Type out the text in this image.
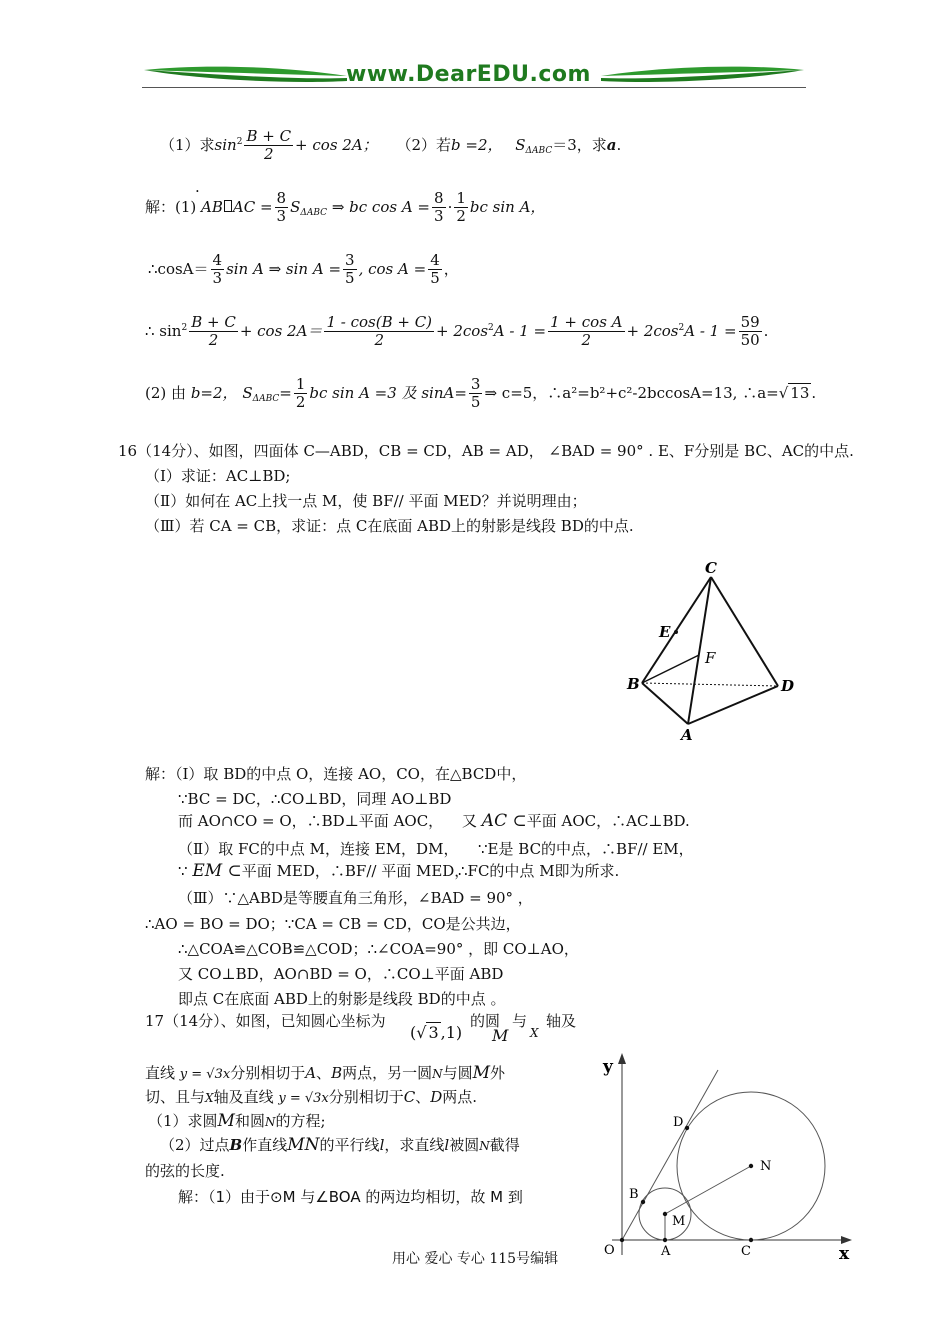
www.DearEDU.com
（1）求$\sin^2 \frac{B + C}{2} + \cos 2A$； （2）若b =2， $S_{\Delta ABC}=3$，求a.
.
解：(1) AB AC = $\frac{8}{3} S_{\Delta ABC}$ ⇒ bc $\cos A = \frac{8}{3} \cdot \frac{1}{2}$ bc sin A，
∴cosA＝ $\frac{4}{3}$ sin A ⇒ $\sin A = \frac{3}{5}$ , $\cos A = \frac{4}{5}$ ，
∴ $\sin^2 \frac{B + C}{2} + \cos 2A= \frac{1 - \cos(B + C)}{2} + 2\cos^2A - 1 = \frac{\text{1 + cos A}}{2} + 2\cos^2A - 1 = \frac{59}{50}$ .
(2) 由 b=2， $S_{\Delta ABC}= \frac{1}{2}$ bc sin A =3 及 $\sin A= \frac{3}{5}$ ⇒ c=5，∴a²=b²+c²-2bccosA=13, ∴a=√ 13 .
16（14分）、如图，四面体 C—ABD，CB = CD，AB = AD， ∠BAD = 90° . E、F分别是 BC、AC的中点.
（Ⅰ）求证：AC⊥BD;
（Ⅱ）如何在 AC上找一点 M，使 BF// 平面 MED？并说明理由；
（Ⅲ）若 CA = CB，求证：点 C在底面 ABD上的射影是线段 BD的中点.
C
E
F
B	D
A
解：（Ⅰ）取 BD的中点 O，连接 AO，CO，在△BCD中，
∵BC = DC，∴CO⊥BD，同理 AO⊥BD
而 AO∩CO = O，∴BD⊥平面 AOC， 又 AC ⊂平面 AOC，∴AC⊥BD.
（Ⅱ）取 FC的中点 M，连接 EM，DM， ∵E是 BC的中点，∴BF// EM，
∵ EM ⊂平面 MED，∴BF// 平面 MED，
∴FC的中点 M即为所求.
（Ⅲ）∵△ABD是等腰直角三角形，∠BAD = 90° ，
∴AO = BO = DO；∵CA = CB = CD，CO是公共边，
∴△COA≌△COB≌△COD；∴∠COA=90° ，即 CO⊥AO，
又 CO⊥BD，AO∩BD = O，∴CO⊥平面 ABD
即点 C在底面 ABD上的射影是线段 BD的中点 。
17（14分）、如图，已知圆心坐标为
(√ 3 ,1)
的圆
M
与
X
轴及
直线 y = √3x分别相切于A、B两点，另一圆N与圆M外
切、且与X轴及直线 y = √3x分别相切于C、D两点.
（1）求圆M和圆N的方程;
（2）过点B作直线MN的平行线l，求直线l被圆N截得
的弦的长度.
解：（1）由于⊙M 与∠BOA 的两边均相切，故 M 到
y
x
O	A	C
B
M
D
N
用心 爱心 专心 115号编辑
